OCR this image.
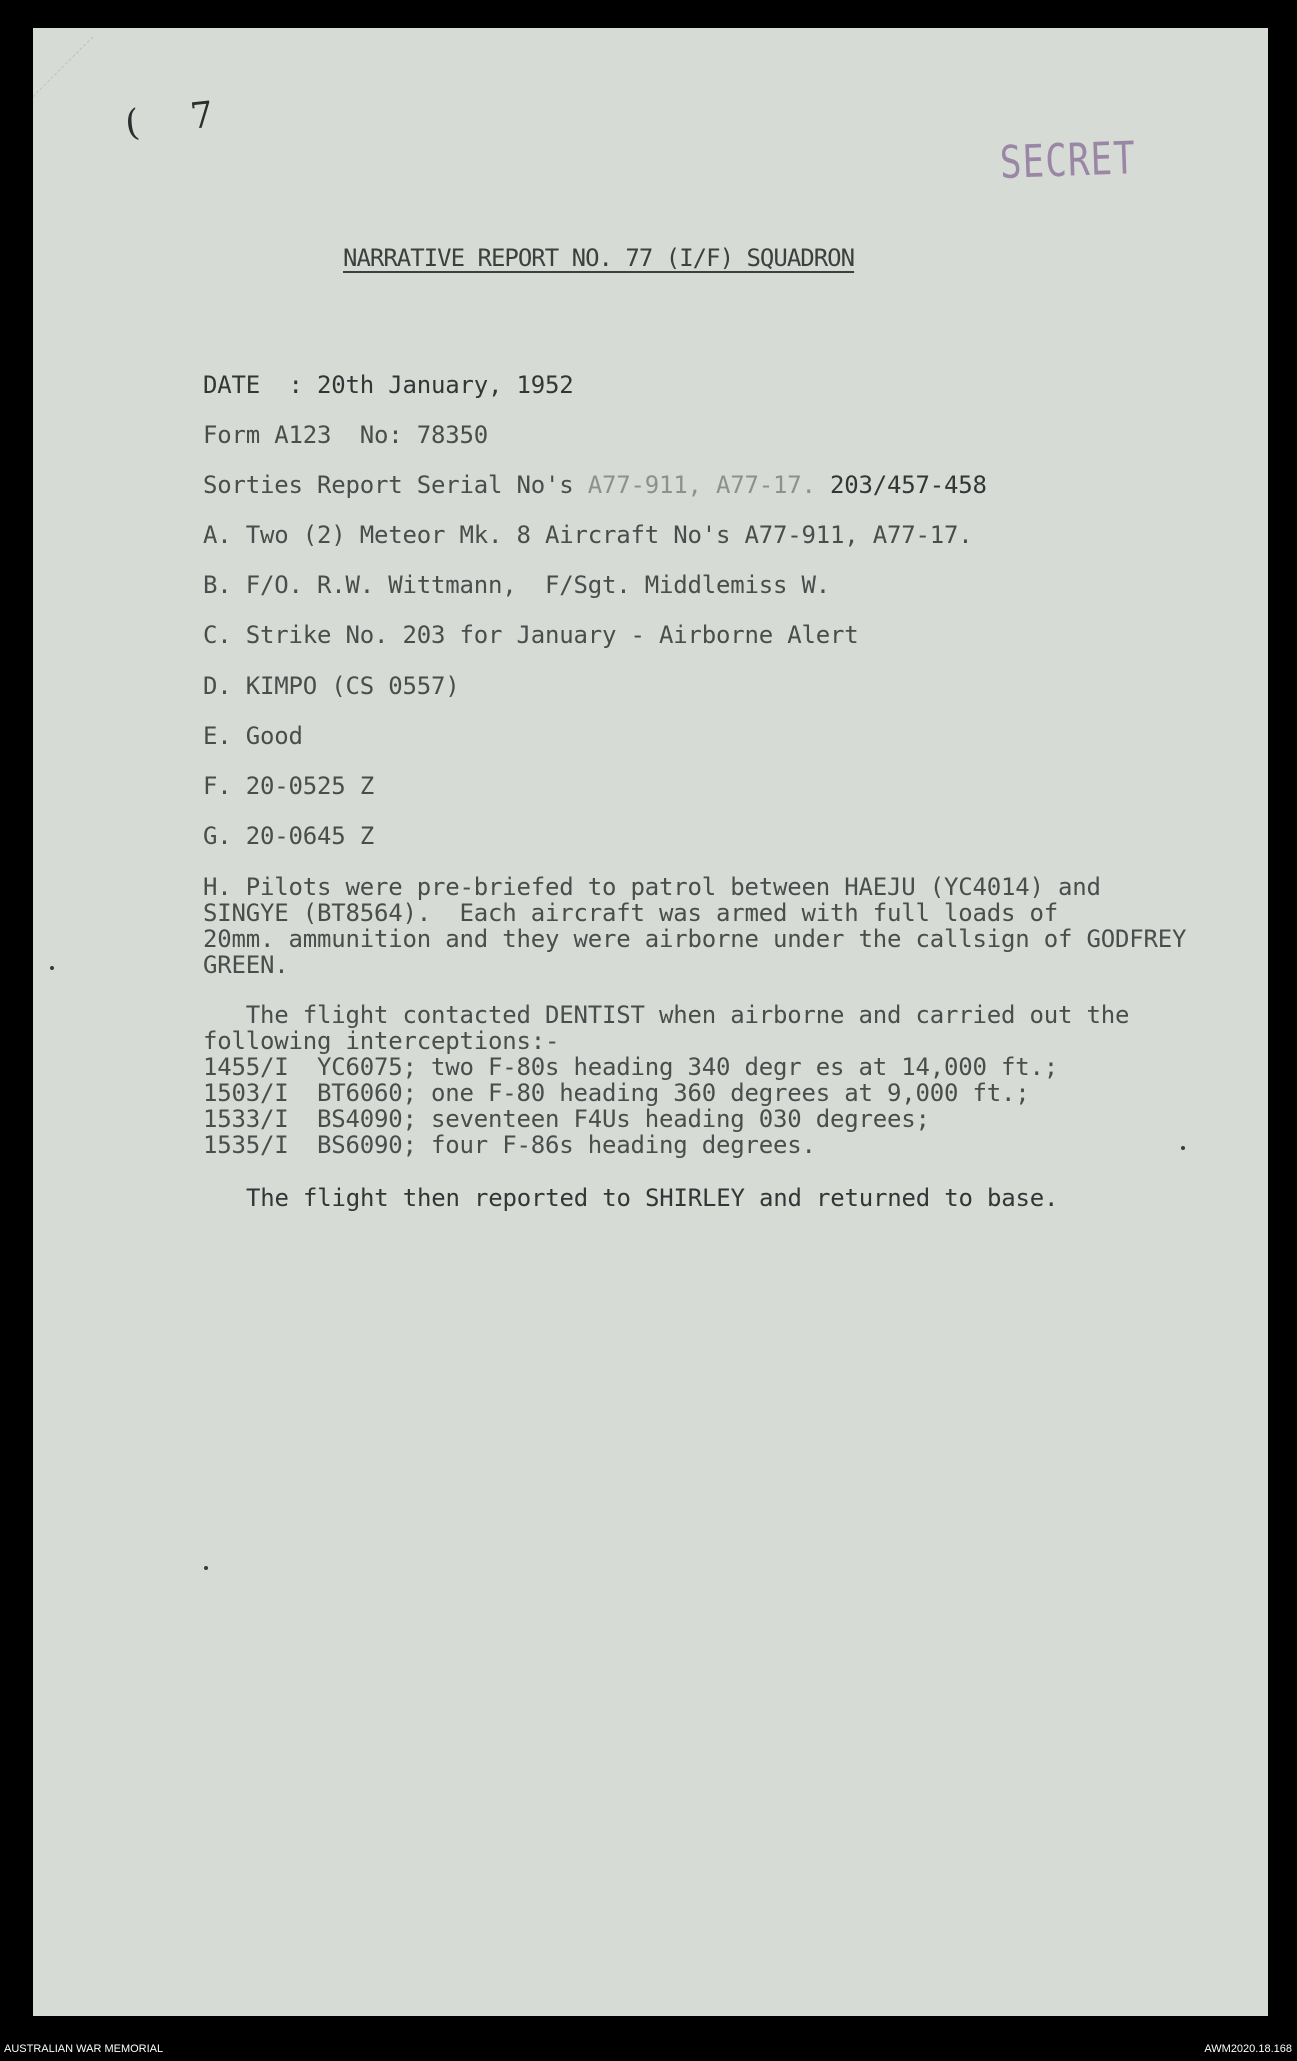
( 7
SECRET
NARRATIVE REPORT NO. 77 (I/F) SQUADRON
DATE  : 20th January, 1952
Form A123  No: 78350
Sorties Report Serial No's A77-911, A77-17. 203/457-458
A. Two (2) Meteor Mk. 8 Aircraft No's A77-911, A77-17.
B. F/O. R.W. Wittmann,  F/Sgt. Middlemiss W.
C. Strike No. 203 for January - Airborne Alert
D. KIMPO (CS 0557)
E. Good
F. 20-0525 Z
G. 20-0645 Z
H. Pilots were pre-briefed to patrol between HAEJU (YC4014) and
SINGYE (BT8564).  Each aircraft was armed with full loads of
20mm. ammunition and they were airborne under the callsign of GODFREY
GREEN.
The flight contacted DENTIST when airborne and carried out the
following interceptions:-
1455/I  YC6075; two F-80s heading 340 degr es at 14,000 ft.;
1503/I  BT6060; one F-80 heading 360 degrees at 9,000 ft.;
1533/I  BS4090; seventeen F4Us heading 030 degrees;
1535/I  BS6090; four F-86s heading degrees.
The flight then reported to SHIRLEY and returned to base.
AUSTRALIAN WAR MEMORIAL	AWM2020.18.168
